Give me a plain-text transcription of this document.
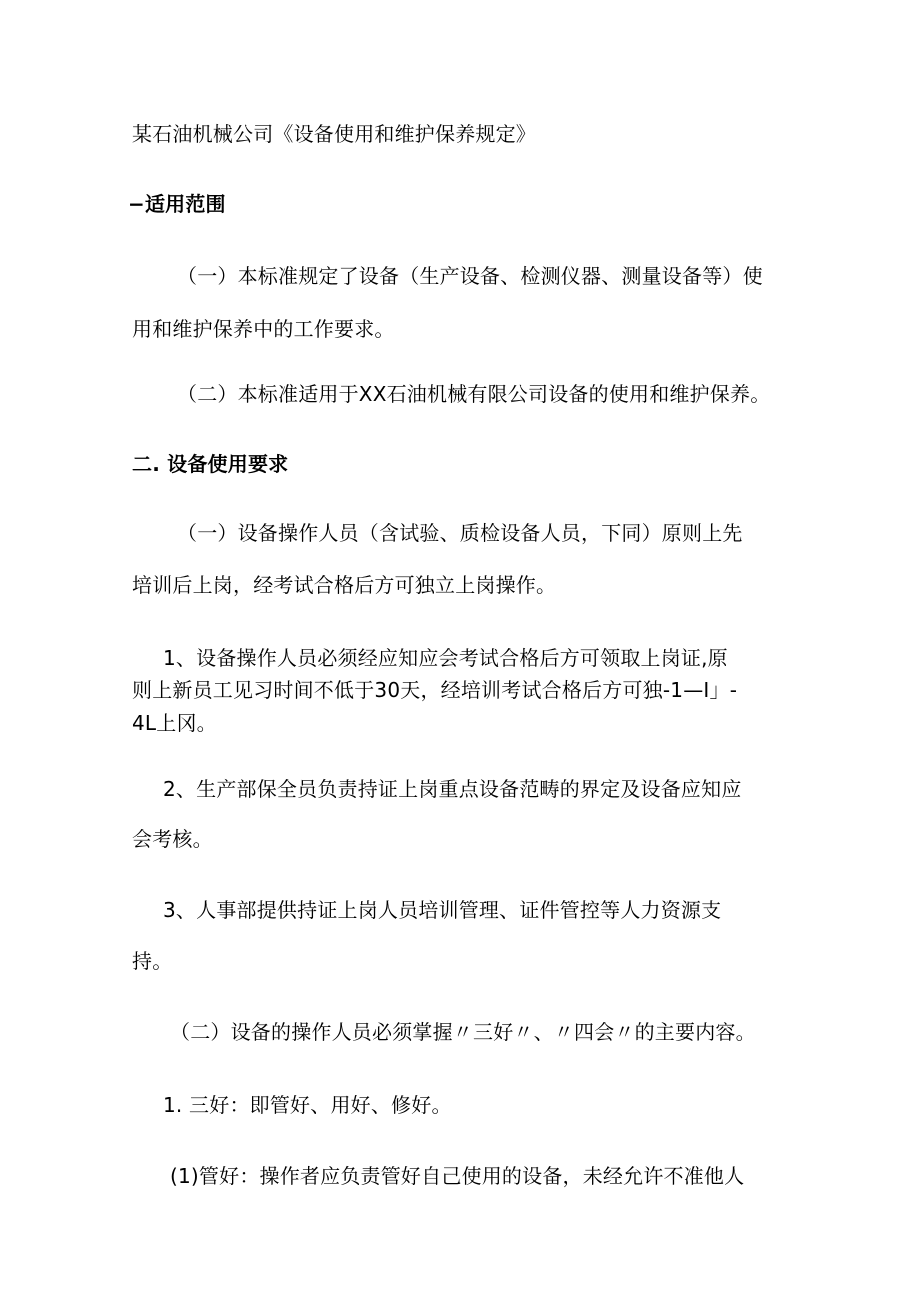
某石油机械公司《设备使用和维护保养规定》
−适用范围
（一）本标准规定了设备（生产设备、检测仪器、测量设备等）使
用和维护保养中的工作要求。
（二）本标准适用于XX石油机械有限公司设备的使用和维护保养。
二. 设备使用要求
（一）设备操作人员（含试验、质检设备人员，下同）原则上先
培训后上岗，经考试合格后方可独立上岗操作。
1、设备操作人员必须经应知应会考试合格后方可领取上岗证,原
则上新员工见习时间不低于30天，经培训考试合格后方可独-1—I」-
4L上冈。
2、生产部保全员负责持证上岗重点设备范畴的界定及设备应知应
会考核。
3、人事部提供持证上岗人员培训管理、证件管控等人力资源支
持。
（二）设备的操作人员必须掌握〃三好〃、〃四会〃的主要内容。
1. 三好：即管好、用好、修好。
(1)管好：操作者应负责管好自己使用的设备，未经允许不准他人
